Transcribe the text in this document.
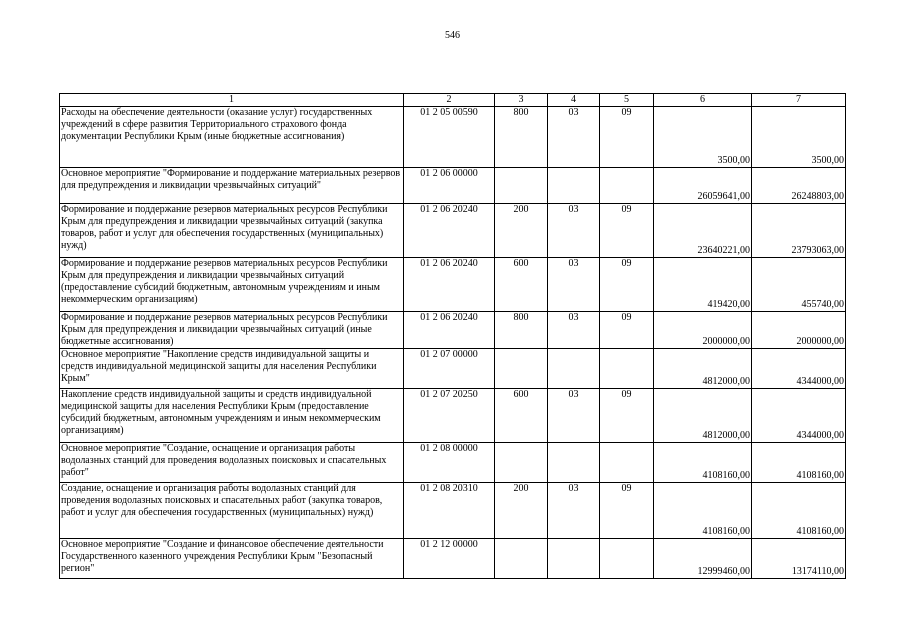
546
1	2	3	4	5	6	7
Расходы на обеспечение деятельности (оказание услуг) государственных учреждений в сфере развития Территориального страхового фонда документации Республики Крым (иные бюджетные ассигнования)	01 2 05 00590	800	03	09	3500,00	3500,00
Основное мероприятие "Формирование и поддержание материальных резервов для предупреждения и ликвидации чрезвычайных ситуаций"	01 2 06 00000				26059641,00	26248803,00
Формирование и поддержание резервов материальных ресурсов Республики Крым для предупреждения и ликвидации чрезвычайных ситуаций (закупка товаров, работ и услуг для обеспечения государственных (муниципальных) нужд)	01 2 06 20240	200	03	09	23640221,00	23793063,00
Формирование и поддержание резервов материальных ресурсов Республики Крым для предупреждения и ликвидации чрезвычайных ситуаций (предоставление субсидий бюджетным, автономным учреждениям и иным некоммерческим организациям)	01 2 06 20240	600	03	09	419420,00	455740,00
Формирование и поддержание резервов материальных ресурсов Республики Крым для предупреждения и ликвидации чрезвычайных ситуаций (иные бюджетные ассигнования)	01 2 06 20240	800	03	09	2000000,00	2000000,00
Основное мероприятие "Накопление средств индивидуальной защиты и средств индивидуальной медицинской защиты для населения Республики Крым"	01 2 07 00000				4812000,00	4344000,00
Накопление средств индивидуальной защиты и средств индивидуальной медицинской защиты для населения Республики Крым (предоставление субсидий бюджетным, автономным учреждениям и иным некоммерческим организациям)	01 2 07 20250	600	03	09	4812000,00	4344000,00
Основное мероприятие "Создание, оснащение и организация работы водолазных станций для проведения водолазных поисковых и спасательных работ"	01 2 08 00000				4108160,00	4108160,00
Создание, оснащение и организация работы водолазных станций для проведения водолазных поисковых и спасательных работ (закупка товаров, работ и услуг для обеспечения государственных (муниципальных) нужд)	01 2 08 20310	200	03	09	4108160,00	4108160,00
Основное мероприятие "Создание и финансовое обеспечение деятельности Государственного казенного учреждения Республики Крым "Безопасный регион"	01 2 12 00000				12999460,00	13174110,00
